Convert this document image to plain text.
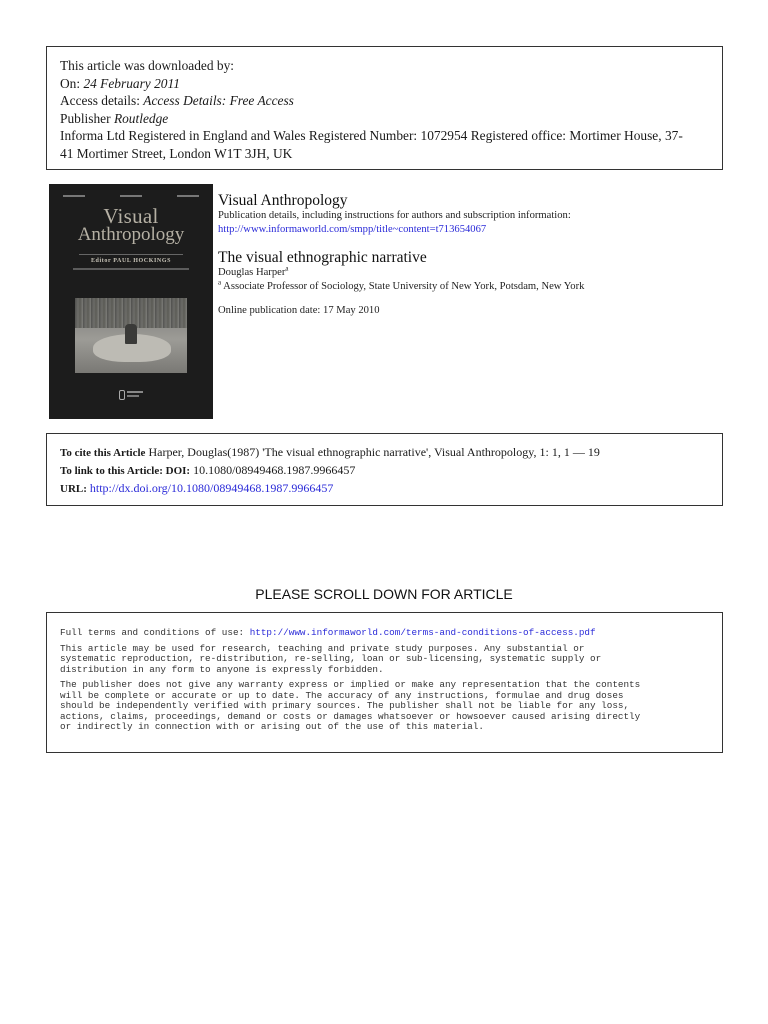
This article was downloaded by:
On: 24 February 2011
Access details: Access Details: Free Access
Publisher Routledge
Informa Ltd Registered in England and Wales Registered Number: 1072954 Registered office: Mortimer House, 37-
41 Mortimer Street, London W1T 3JH, UK
Visual
Anthropology
Editor PAUL HOCKINGS
Visual Anthropology
Publication details, including instructions for authors and subscription information:
http://www.informaworld.com/smpp/title~content=t713654067
The visual ethnographic narrative
Douglas Harper$^a$
$^a$ Associate Professor of Sociology, State University of New York, Potsdam, New York
Online publication date: 17 May 2010
To cite this Article Harper, Douglas(1987) 'The visual ethnographic narrative', Visual Anthropology, 1: 1, 1 — 19
To link to this Article: DOI: 10.1080/08949468.1987.9966457
URL: http://dx.doi.org/10.1080/08949468.1987.9966457
PLEASE SCROLL DOWN FOR ARTICLE

Full terms and conditions of use: http://www.informaworld.com/terms-and-conditions-of-access.pdf

This article may be used for research, teaching and private study purposes. Any substantial or
systematic reproduction, re-distribution, re-selling, loan or sub-licensing, systematic supply or
distribution in any form to anyone is expressly forbidden.

The publisher does not give any warranty express or implied or make any representation that the contents
will be complete or accurate or up to date. The accuracy of any instructions, formulae and drug doses
should be independently verified with primary sources. The publisher shall not be liable for any loss,
actions, claims, proceedings, demand or costs or damages whatsoever or howsoever caused arising directly
or indirectly in connection with or arising out of the use of this material.
